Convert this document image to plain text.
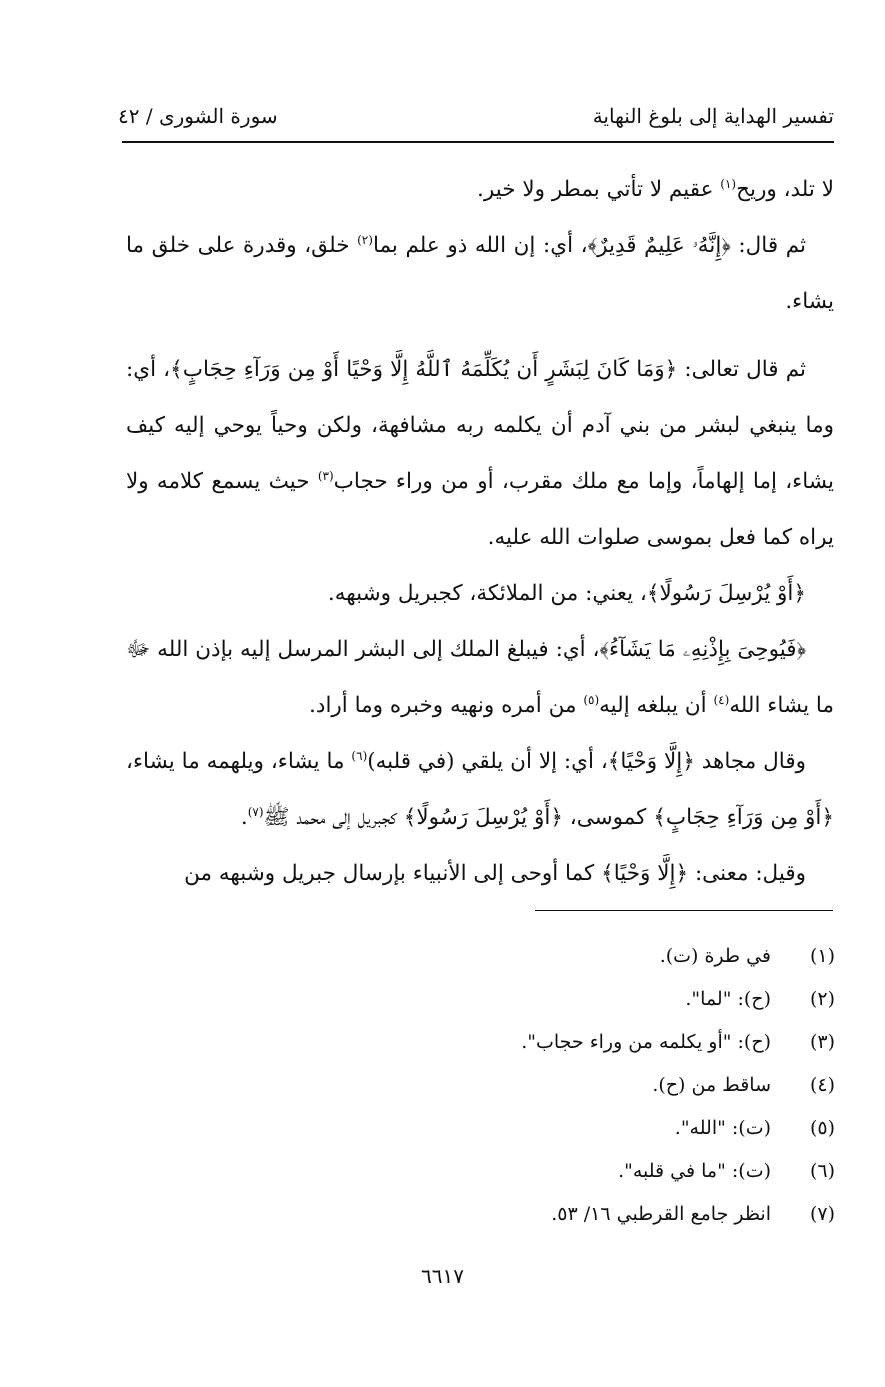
تفسير الهداية إلى بلوغ النهاية
سورة الشورى / ٤٢

لا تلد، وريح$^{(١)}$ عقيم لا تأتي بمطر ولا خير.

ثم قال: ﴿إِنَّهُۥ عَلِيمٌ قَدِيرٌ﴾، أي: إن الله ذو علم بما$^{(٢)}$ خلق، وقدرة على خلق ما يشاء.

ثم قال تعالى: ﴿وَمَا كَانَ لِبَشَرٍ أَن يُكَلِّمَهُ ٱللَّهُ إِلَّا وَحْيًا أَوْ مِن وَرَآءِ حِجَابٍ﴾، أي: وما ينبغي لبشر من بني آدم أن يكلمه ربه مشافهة، ولكن وحياً يوحي إليه كيف يشاء، إما إلهاماً، وإما مع ملك مقرب، أو من وراء حجاب$^{(٣)}$ حيث يسمع كلامه ولا يراه كما فعل بموسى صلوات الله عليه.

﴿أَوْ يُرْسِلَ رَسُولًا﴾، يعني: من الملائكة، كجبريل وشبهه.

﴿فَيُوحِىَ بِإِذْنِهِۦ مَا يَشَآءُ﴾، أي: فيبلغ الملك إلى البشر المرسل إليه بإذن الله ﷻ ما يشاء الله$^{(٤)}$ أن يبلغه إليه$^{(٥)}$ من أمره ونهيه وخبره وما أراد.

وقال مجاهد ﴿إِلَّا وَحْيًا﴾، أي: إلا أن يلقي (في قلبه)$^{(٦)}$ ما يشاء، ويلهمه ما يشاء، ﴿أَوْ مِن وَرَآءِ حِجَابٍ﴾ كموسى، ﴿أَوْ يُرْسِلَ رَسُولًا﴾ كجبريل إلى محمد ﷺ$^{(٧)}$.

وقيل: معنى: ﴿إِلَّا وَحْيًا﴾ كما أوحى إلى الأنبياء بإرسال جبريل وشبهه من

(١)
في طرة (ت).
(٢)
(ح): "لما".
(٣)
(ح): "أو يكلمه من وراء حجاب".
(٤)
ساقط من (ح).
(٥)
(ت): "الله".
(٦)
(ت): "ما في قلبه".
(٧)
انظر جامع القرطبي ١٦/ ٥٣.
٦٦١٧
